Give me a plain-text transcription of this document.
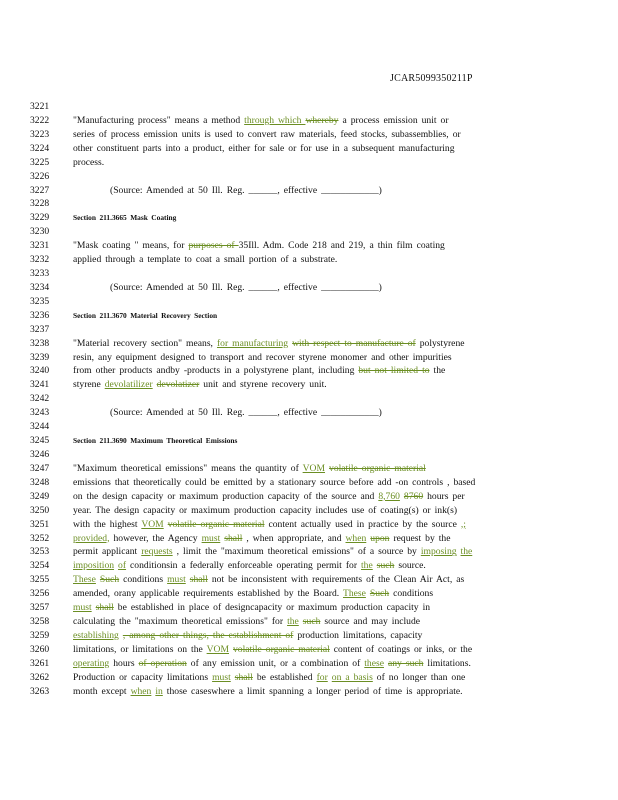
JCAR5099350211P
3221
3222	"Manufacturing process" means a method through which whereby a process emission unit or
3223	series of process emission units is used to convert raw materials, feed stocks, subassemblies, or
3224	other constituent parts into a product, either for sale or for use in a subsequent manufacturing
3225	process.
3226
3227	(Source: Amended at 50 Ill. Reg. ______, effective ____________)
3228
3229	Section 211.3665 Mask Coating
3230
3231	"Mask coating " means, for purposes of 35Ill. Adm. Code 218 and 219, a thin film coating
3232	applied through a template to coat a small portion of a substrate.
3233
3234	(Source: Amended at 50 Ill. Reg. ______, effective ____________)
3235
3236	Section 211.3670 Material Recovery Section
3237
3238	"Material recovery section" means, for manufacturing with respect to manufacture of polystyrene
3239	resin, any equipment designed to transport and recover styrene monomer and other impurities
3240	from other products andby -products in a polystyrene plant, including but not limited to the
3241	styrene devolatilizer devolatizer unit and styrene recovery unit.
3242
3243	(Source: Amended at 50 Ill. Reg. ______, effective ____________)
3244
3245	Section 211.3690 Maximum Theoretical Emissions
3246
3247	"Maximum theoretical emissions" means the quantity of VOM volatile organic material
3248	emissions that theoretically could be emitted by a stationary source before add -on controls , based
3249	on the design capacity or maximum production capacity of the source and 8,760 8760 hours per
3250	year. The design capacity or maximum production capacity includes use of coating(s) or ink(s)
3251	with the highest VOM volatile organic material content actually used in practice by the source ,;
3252	provided, however, the Agency must shall , when appropriate, and when upon request by the
3253	permit applicant requests , limit the "maximum theoretical emissions" of a source by imposing the
3254	imposition of conditionsin a federally enforceable operating permit for the such source.
3255	These Such conditions must shall not be inconsistent with requirements of the Clean Air Act, as
3256	amended, orany applicable requirements established by the Board. These Such conditions
3257	must shall be established in place of designcapacity or maximum production capacity in
3258	calculating the "maximum theoretical emissions" for the such source and may include
3259	establishing , among other things, the establishment of production limitations, capacity
3260	limitations, or limitations on the VOM volatile organic material content of coatings or inks, or the
3261	operating hours of operation of any emission unit, or a combination of these any such limitations.
3262	Production or capacity limitations must shall be established for on a basis of no longer than one
3263	month except when in those caseswhere a limit spanning a longer period of time is appropriate.
